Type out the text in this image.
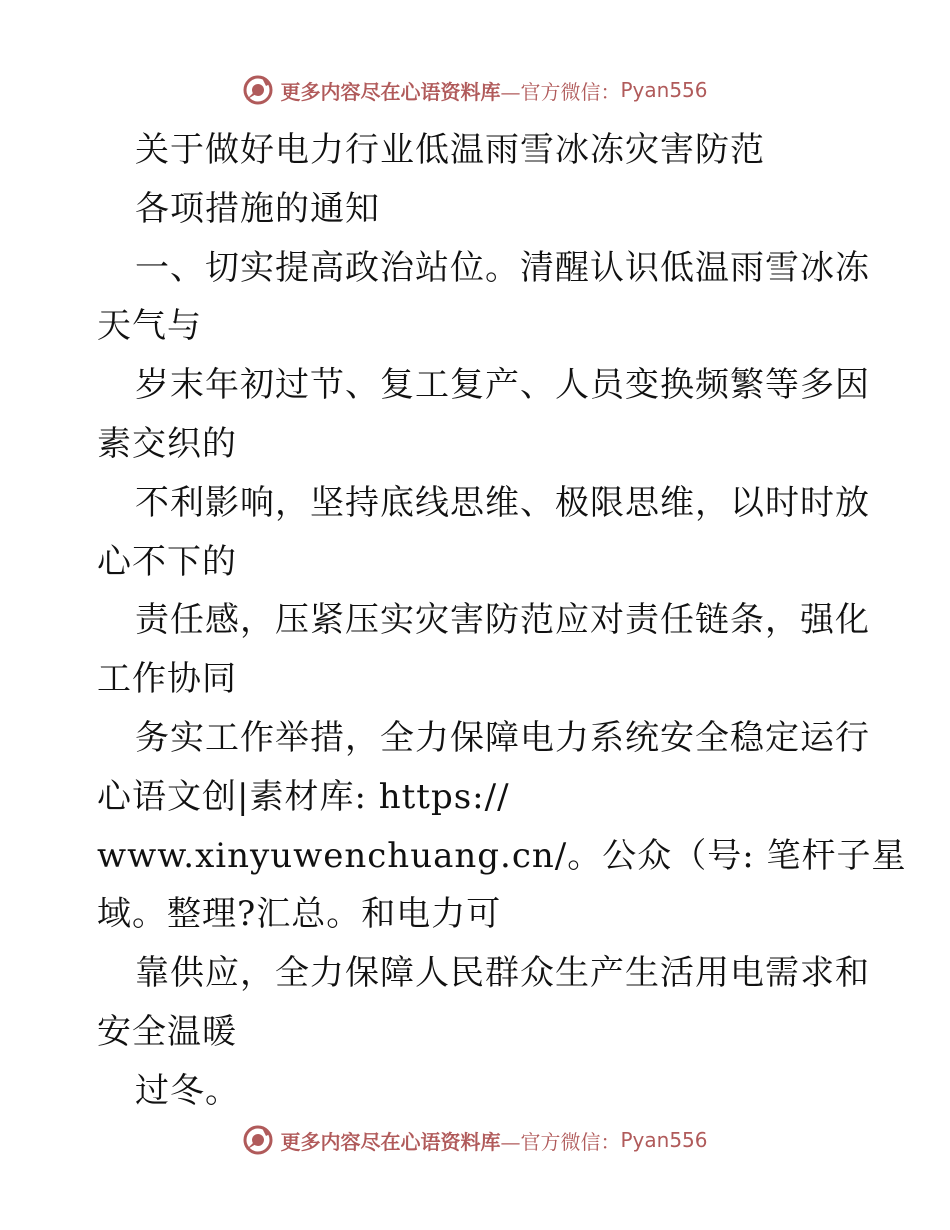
更多内容尽在心语资料库 —官方微信： Pyan556
关于做好电力行业低温雨雪冰冻灾害防范
各项措施的通知
一、切实提高政治站位。清醒认识低温雨雪冰冻
天气与
岁末年初过节、复工复产、人员变换频繁等多因
素交织的
不利影响，坚持底线思维、极限思维，以时时放
心不下的
责任感，压紧压实灾害防范应对责任链条，强化
工作协同
务实工作举措，全力保障电力系统安全稳定运行
心语文创|素材库: https://
www.xinyuwenchuang.cn/。公众（号: 笔杆子星
域。整理?汇总。和电力可
靠供应，全力保障人民群众生产生活用电需求和
安全温暖
过冬。
更多内容尽在心语资料库 —官方微信： Pyan556
